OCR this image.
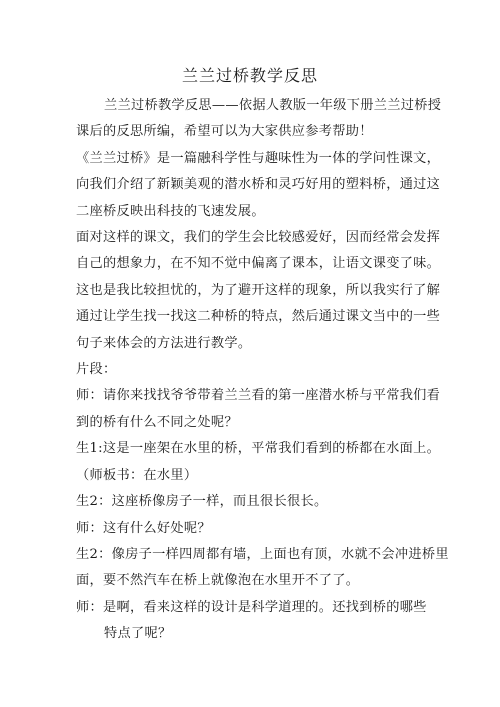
兰兰过桥教学反思
兰兰过桥教学反思——依据人教版一年级下册兰兰过桥授
课后的反思所编，希望可以为大家供应参考帮助！
《兰兰过桥》是一篇融科学性与趣味性为一体的学问性课文，
向我们介绍了新颖美观的潜水桥和灵巧好用的塑料桥，通过这
二座桥反映出科技的飞速发展。
面对这样的课文，我们的学生会比较感爱好，因而经常会发挥
自己的想象力，在不知不觉中偏离了课本，让语文课变了味。
这也是我比较担忧的，为了避开这样的现象，所以我实行了解
通过让学生找一找这二种桥的特点，然后通过课文当中的一些
句子来体会的方法进行教学。
片段：
师：请你来找找爷爷带着兰兰看的第一座潜水桥与平常我们看
到的桥有什么不同之处呢？
生1:这是一座架在水里的桥，平常我们看到的桥都在水面上。
（师板书：在水里）
生2：这座桥像房子一样，而且很长很长。
师：这有什么好处呢？
生2：像房子一样四周都有墙，上面也有顶，水就不会冲进桥里
面，要不然汽车在桥上就像泡在水里开不了了。
师：是啊，看来这样的设计是科学道理的。还找到桥的哪些
特点了呢？
